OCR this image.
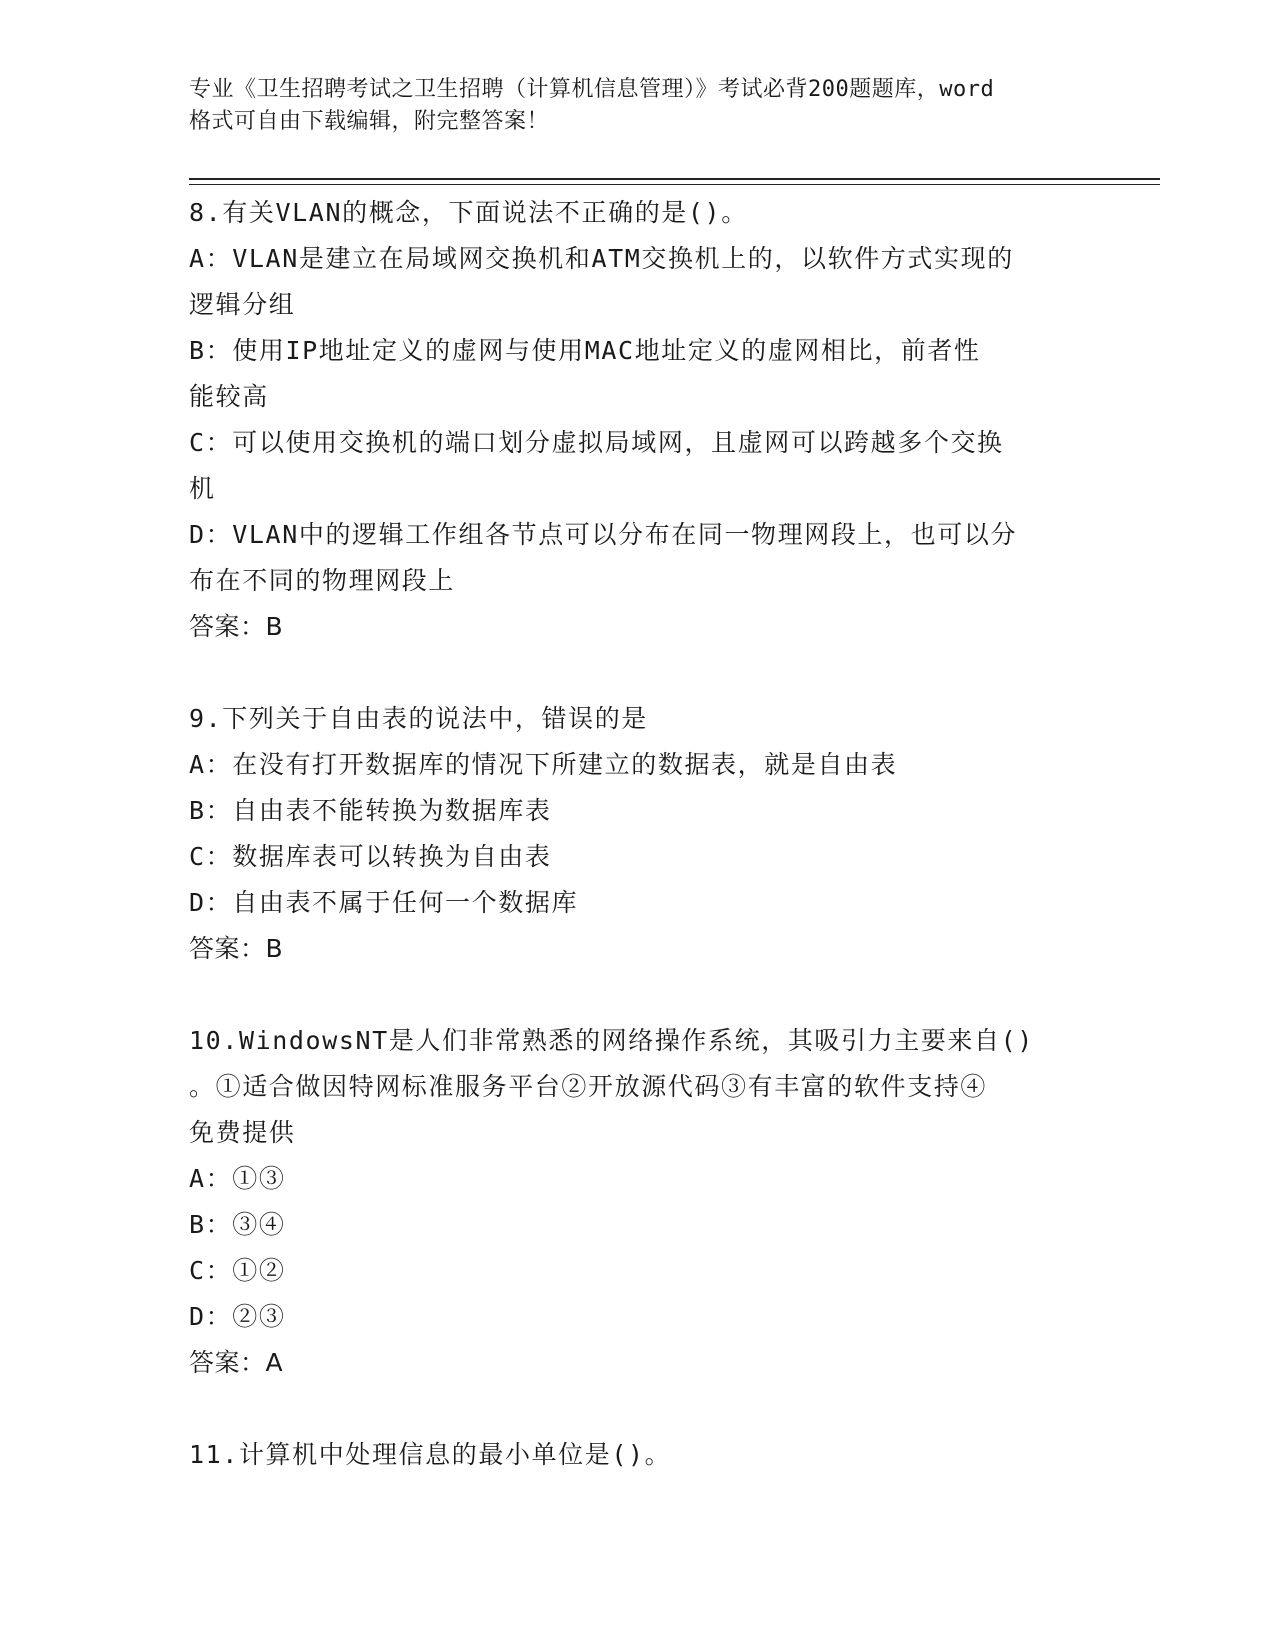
专业《卫生招聘考试之卫生招聘（计算机信息管理）》考试必背200题题库，word
格式可自由下载编辑，附完整答案！
8.有关VLAN的概念，下面说法不正确的是()。
A：VLAN是建立在局域网交换机和ATM交换机上的，以软件方式实现的
逻辑分组
B：使用IP地址定义的虚网与使用MAC地址定义的虚网相比，前者性
能较高
C：可以使用交换机的端口划分虚拟局域网，且虚网可以跨越多个交换
机
D：VLAN中的逻辑工作组各节点可以分布在同一物理网段上，也可以分
布在不同的物理网段上
答案：B
9.下列关于自由表的说法中，错误的是
A：在没有打开数据库的情况下所建立的数据表，就是自由表
B：自由表不能转换为数据库表
C：数据库表可以转换为自由表
D：自由表不属于任何一个数据库
答案：B
10.WindowsNT是人们非常熟悉的网络操作系统，其吸引力主要来自()
。①适合做因特网标准服务平台②开放源代码③有丰富的软件支持④
免费提供
A：①③
B：③④
C：①②
D：②③
答案：A
11.计算机中处理信息的最小单位是()。
